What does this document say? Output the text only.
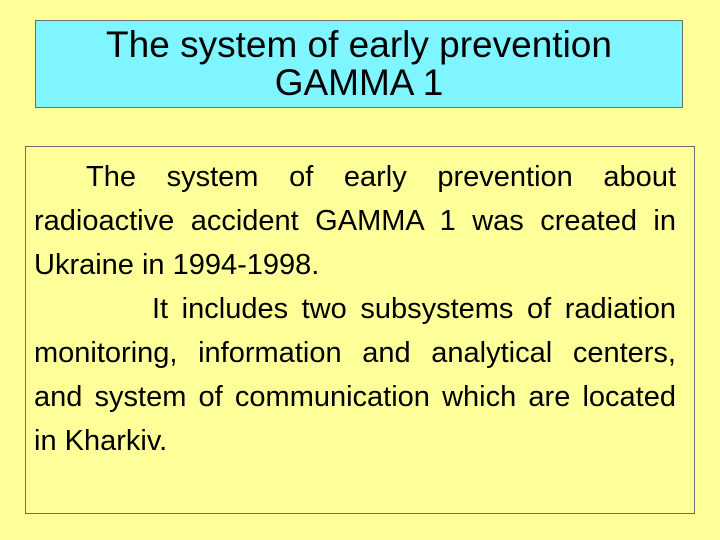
The system of early prevention
GAMMA 1

The system of early prevention about radioactive accident GAMMA 1 was created in Ukraine in 1994-1998.

It includes two subsystems of radiation monitoring, information and analytical centers, and system of communication which are located in Kharkiv.
